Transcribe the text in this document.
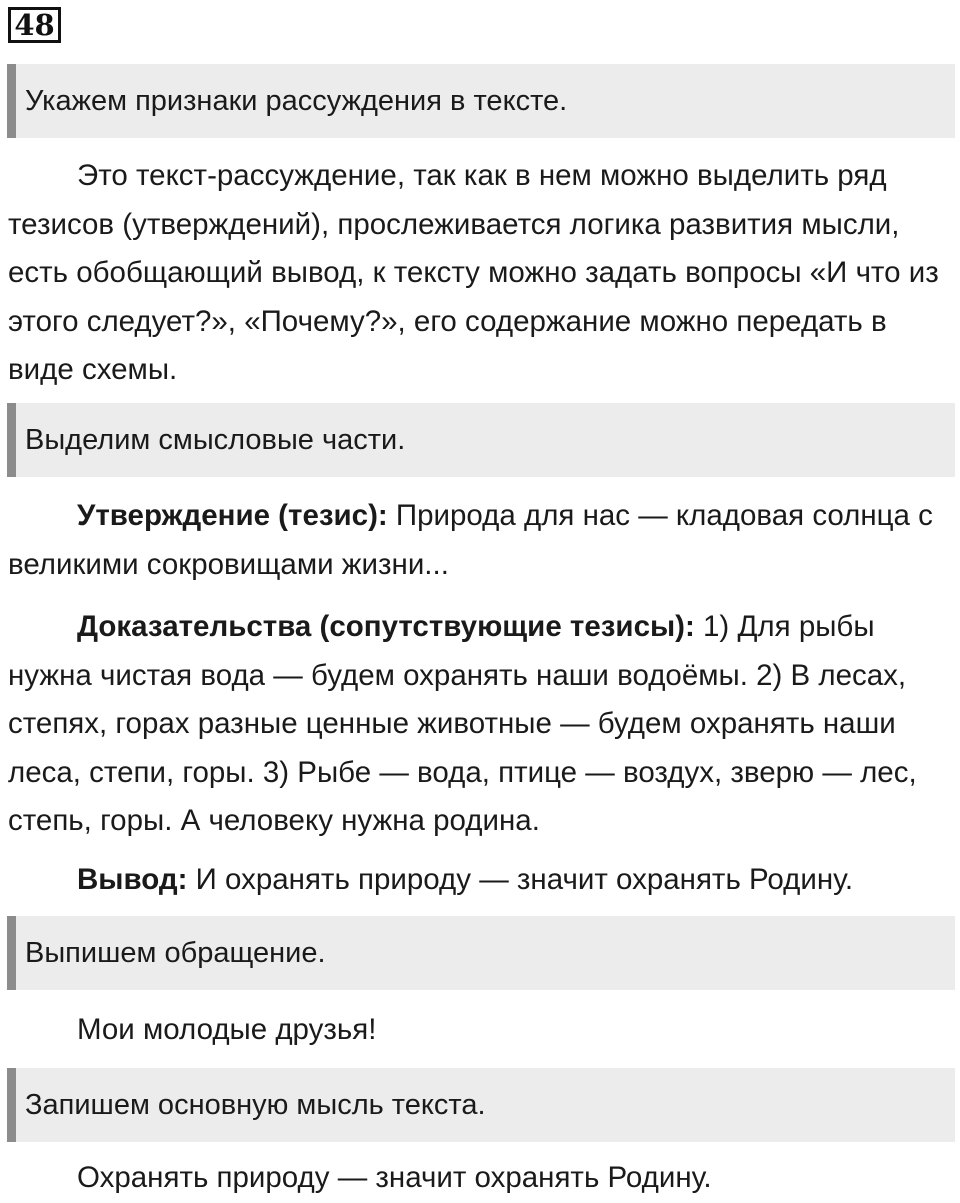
48
Укажем признаки рассуждения в тексте.

Это текст-рассуждение, так как в нем можно выделить ряд тезисов (утверждений), прослеживается логика развития мысли, есть обобщающий вывод, к тексту можно задать вопросы «И что из этого следует?», «Почему?», его содержание можно передать в виде схемы.

Выделим смысловые части.

Утверждение (тезис): Природа для нас — кладовая солнца с великими сокровищами жизни...

Доказательства (сопутствующие тезисы): 1) Для рыбы нужна чистая вода — будем охранять наши водоёмы. 2) В лесах, степях, горах разные ценные животные — будем охранять наши леса, степи, горы. 3) Рыбе — вода, птице — воздух, зверю — лес, степь, горы. А человеку нужна родина.

Вывод: И охранять природу — значит охранять Родину.

Выпишем обращение.

Мои молодые друзья!

Запишем основную мысль текста.

Охранять природу — значит охранять Родину.
